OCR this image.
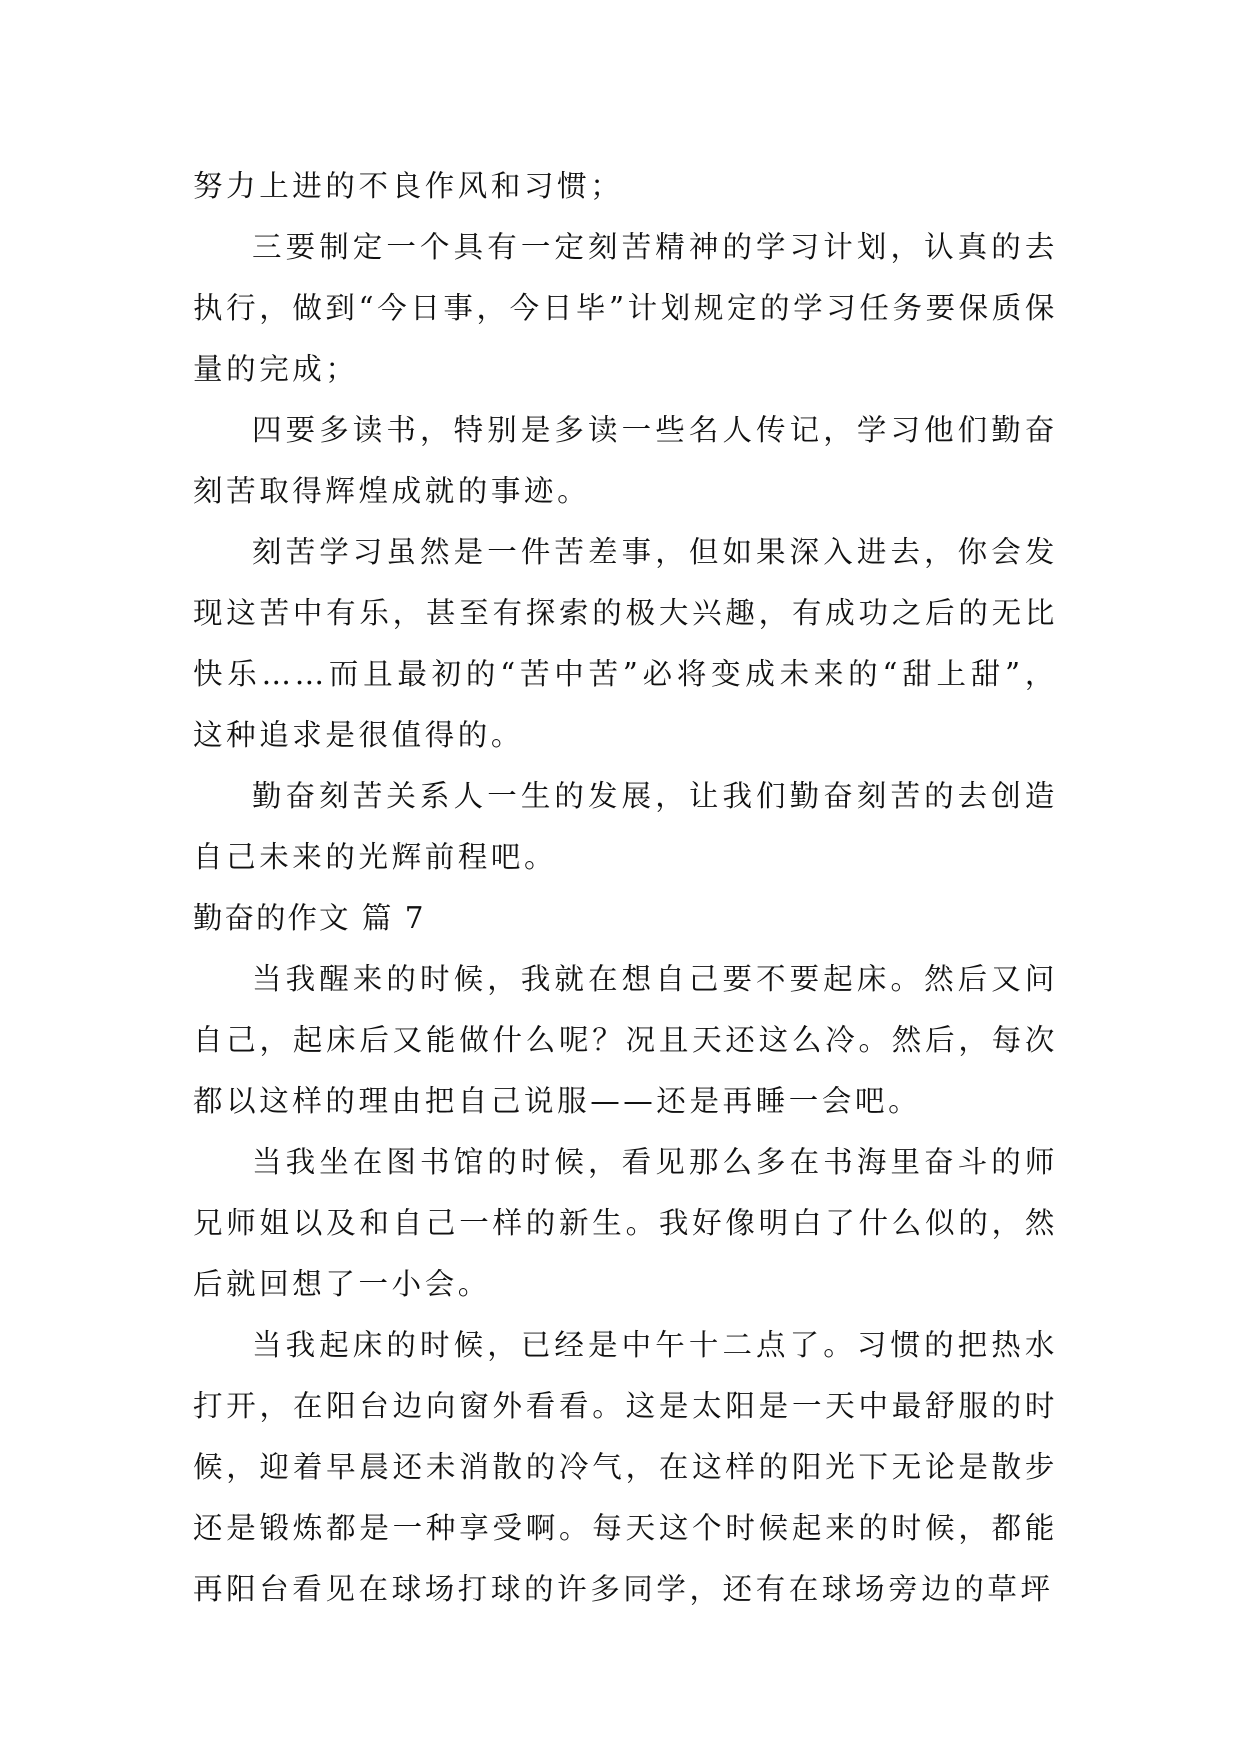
努力上进的不良作风和习惯；

三要制定一个具有一定刻苦精神的学习计划，认真的去执行，做到“今日事，今日毕”计划规定的学习任务要保质保量的完成；

四要多读书，特别是多读一些名人传记，学习他们勤奋刻苦取得辉煌成就的事迹。

刻苦学习虽然是一件苦差事，但如果深入进去，你会发现这苦中有乐，甚至有探索的极大兴趣，有成功之后的无比快乐……而且最初的“苦中苦”必将变成未来的“甜上甜”，这种追求是很值得的。

勤奋刻苦关系人一生的发展，让我们勤奋刻苦的去创造自己未来的光辉前程吧。

勤奋的作文 篇 7

当我醒来的时候，我就在想自己要不要起床。然后又问自己，起床后又能做什么呢？况且天还这么冷。然后，每次都以这样的理由把自己说服——还是再睡一会吧。

当我坐在图书馆的时候，看见那么多在书海里奋斗的师兄师姐以及和自己一样的新生。我好像明白了什么似的，然后就回想了一小会。

当我起床的时候，已经是中午十二点了。习惯的把热水打开，在阳台边向窗外看看。这是太阳是一天中最舒服的时候，迎着早晨还未消散的冷气，在这样的阳光下无论是散步还是锻炼都是一种享受啊。每天这个时候起来的时候，都能再阳台看见在球场打球的许多同学，还有在球场旁边的草坪
